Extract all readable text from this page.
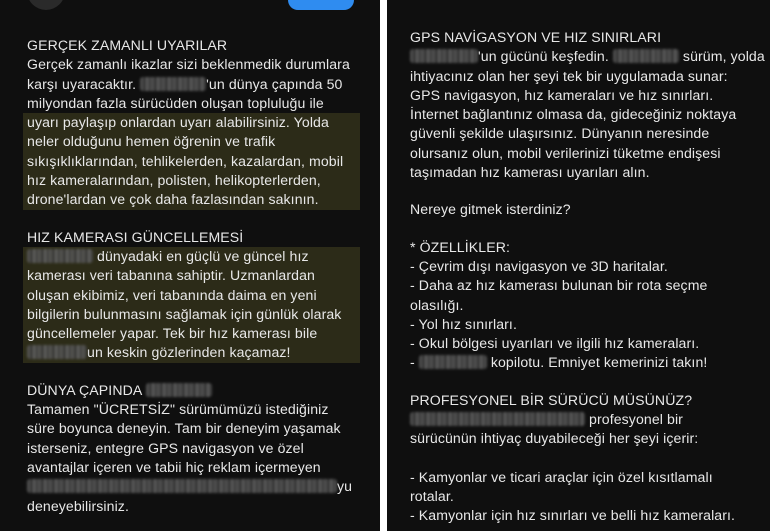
GERÇEK ZAMANLI UYARILAR
Gerçek zamanlı ikazlar sizi beklenmedik durumlara
karşı uyaracaktır.	'un dünya çapında 50
milyondan fazla sürücüden oluşan topluluğu ile
uyarı paylaşıp onlardan uyarı alabilirsiniz. Yolda
neler olduğunu hemen öğrenin ve trafik
sıkışıklıklarından, tehlikelerden, kazalardan, mobil
hız kameralarından, polisten, helikopterlerden,
drone'lardan ve çok daha fazlasından sakının.
HIZ KAMERASI GÜNCELLEMESİ
dünyadaki en güçlü ve güncel hız
kamerası veri tabanına sahiptir. Uzmanlardan
oluşan ekibimiz, veri tabanında daima en yeni
bilgilerin bulunmasını sağlamak için günlük olarak
güncellemeler yapar. Tek bir hız kamerası bile
un keskin gözlerinden kaçamaz!
DÜNYA ÇAPINDA
Tamamen "ÜCRETSİZ" sürümümüzü istediğiniz
süre boyunca deneyin. Tam bir deneyim yaşamak
isterseniz, entegre GPS navigasyon ve özel
avantajlar içeren ve tabii hiç reklam içermeyen
yu
deneyebilirsiniz.
GPS NAVİGASYON VE HIZ SINIRLARI
'un gücünü keşfedin.	sürüm, yolda
ihtiyacınız olan her şeyi tek bir uygulamada sunar:
GPS navigasyon, hız kameraları ve hız sınırları.
İnternet bağlantınız olmasa da, gideceğiniz noktaya
güvenli şekilde ulaşırsınız. Dünyanın neresinde
olursanız olun, mobil verilerinizi tüketme endişesi
taşımadan hız kamerası uyarıları alın.
Nereye gitmek isterdiniz?
* ÖZELLİKLER:
- Çevrim dışı navigasyon ve 3D haritalar.
- Daha az hız kamerası bulunan bir rota seçme
olasılığı.
- Yol hız sınırları.
- Okul bölgesi uyarıları ve ilgili hız kameraları.
-	kopilotu. Emniyet kemerinizi takın!
PROFESYONEL BİR SÜRÜCÜ MÜSÜNÜZ?
profesyonel bir
sürücünün ihtiyaç duyabileceği her şeyi içerir:
- Kamyonlar ve ticari araçlar için özel kısıtlamalı
rotalar.
- Kamyonlar için hız sınırları ve belli hız kameraları.
